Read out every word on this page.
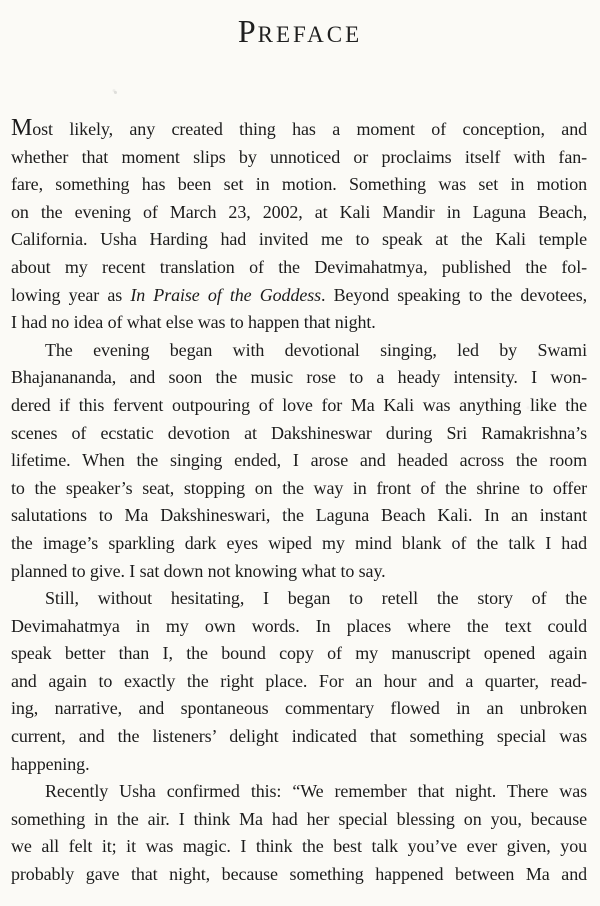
PREFACE
Most likely, any created thing has a moment of conception, and
whether that moment slips by unnoticed or proclaims itself with fan-
fare, something has been set in motion. Something was set in motion
on the evening of March 23, 2002, at Kali Mandir in Laguna Beach,
California. Usha Harding had invited me to speak at the Kali temple
about my recent translation of the Devimahatmya, published the fol-
lowing year as In Praise of the Goddess. Beyond speaking to the devotees,
I had no idea of what else was to happen that night.
The evening began with devotional singing, led by Swami
Bhajanananda, and soon the music rose to a heady intensity. I won-
dered if this fervent outpouring of love for Ma Kali was anything like the
scenes of ecstatic devotion at Dakshineswar during Sri Ramakrishna’s
lifetime. When the singing ended, I arose and headed across the room
to the speaker’s seat, stopping on the way in front of the shrine to offer
salutations to Ma Dakshineswari, the Laguna Beach Kali. In an instant
the image’s sparkling dark eyes wiped my mind blank of the talk I had
planned to give. I sat down not knowing what to say.
Still, without hesitating, I began to retell the story of the
Devimahatmya in my own words. In places where the text could
speak better than I, the bound copy of my manuscript opened again
and again to exactly the right place. For an hour and a quarter, read-
ing, narrative, and spontaneous commentary flowed in an unbroken
current, and the listeners’ delight indicated that something special was
happening.
Recently Usha confirmed this: “We remember that night. There was
something in the air. I think Ma had her special blessing on you, because
we all felt it; it was magic. I think the best talk you’ve ever given, you
probably gave that night, because something happened between Ma and
